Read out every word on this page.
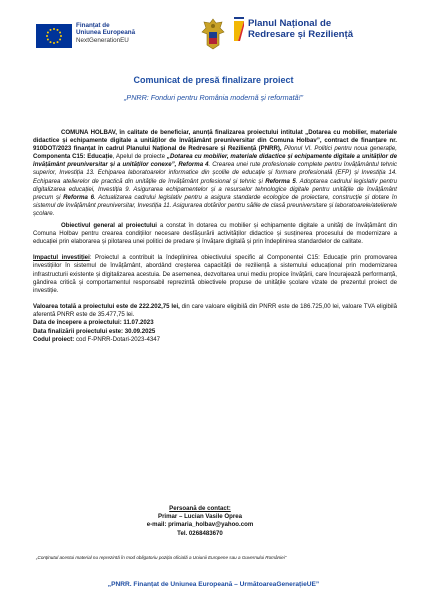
Finanțat de
Uniunea Europeană
NextGenerationEU
Planul Național de
Redresare și Reziliență
Comunicat de presă finalizare proiect
„PNRR: Fonduri pentru România modernă și reformată!”

COMUNA HOLBAV, în calitate de beneficiar, anunță finalizarea proiectului intitulat „Dotarea cu mobilier, materiale didactice și echipamente digitale a unităților de învățământ preuniversitar din Comuna Holbav”, contract de finanțare nr. 910DOT/2023 finanțat în cadrul Planului Național de Redresare și Reziliență (PNRR), Pilonul VI. Politici pentru noua generație, Componenta C15: Educație, Apelul de proiecte „Dotarea cu mobilier, materiale didactice și echipamente digitale a unităților de învățământ preuniversitar și a unităților conexe”, Reforma 4. Crearea unei rute profesionale complete pentru învățământul tehnic superior, Investiția 13. Echiparea laboratoarelor informatice din școlile de educație și formare profesională (EFP) și Investiția 14. Echiparea atelierelor de practică din unitățile de învățământ profesional și tehnic și Reforma 5. Adoptarea cadrului legislativ pentru digitalizarea educației, Investiția 9. Asigurarea echipamentelor și a resurselor tehnologice digitale pentru unitățile de învățământ precum și Reforma 6. Actualizarea cadrului legislativ pentru a asigura standarde ecologice de proiectare, construcție și dotare în sistemul de învățământ preuniversitar, Investiția 11. Asigurarea dotărilor pentru sălile de clasă preuniversitare și laboratoarele/atelierele școlare.

Obiectivul general al proiectului a constat în dotarea cu mobilier și echipamente digitale a unități de învățământ din Comuna Holbav pentru crearea condițiilor necesare desfășurării activităților didactice și susținerea procesului de modernizare a educației prin elaborarea și pilotarea unei politici de predare și învățare digitală și prin îndeplinirea standardelor de calitate.

Impactul investiției: Proiectul a contribuit la îndeplinirea obiectivului specific al Componentei C15: Educație prin promovarea investițiilor în sistemul de învățământ, abordând creșterea capacității de reziliență a sistemului educațional prin modernizarea infrastructurii existente și digitalizarea acestuia. De asemenea, dezvoltarea unui mediu propice învățării, care încurajează performanță, gândirea critică și comportamentul responsabil reprezintă obiectivele propuse de unitățile școlare vizate de prezentul proiect de investiție.

Valoarea totală a proiectului este de 222.202,75 lei, din care valoare eligibilă din PNRR este de 186.725,00 lei, valoare TVA eligibilă aferentă PNRR este de 35.477,75 lei.
Data de începere a proiectului: 11.07.2023
Data finalizării proiectului este: 30.09.2025
Codul proiect: cod F-PNRR-Dotari-2023-4347
Persoană de contact:
Primar – Lucian Vasile Oprea
e-mail: primaria_holbav@yahoo.com
Tel. 0268483670
„Conținutul acestui material nu reprezintă în mod obligatoriu poziția oficială a Uniunii Europene sau a Guvernului României”
„PNRR. Finanțat de Uniunea Europeană – UrmătoareaGenerațieUE”
